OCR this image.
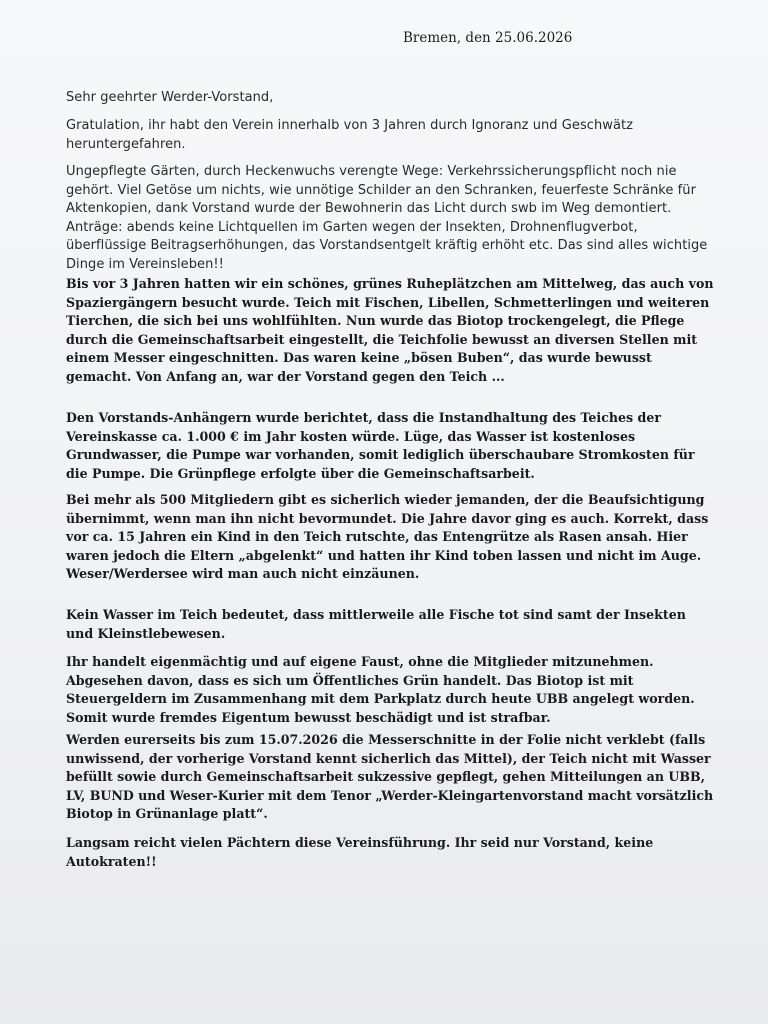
Bremen, den 25.06.2026

Sehr geehrter Werder-Vorstand,

Gratulation, ihr habt den Verein innerhalb von 3 Jahren durch Ignoranz und Geschwätz heruntergefahren.

Ungepflegte Gärten, durch Heckenwuchs verengte Wege: Verkehrssicherungspflicht noch nie gehört. Viel Getöse um nichts, wie unnötige Schilder an den Schranken, feuerfeste Schränke für Aktenkopien, dank Vorstand wurde der Bewohnerin das Licht durch swb im Weg demontiert. Anträge: abends keine Lichtquellen im Garten wegen der Insekten, Drohnenflugverbot, überflüssige Beitragserhöhungen, das Vorstandsentgelt kräftig erhöht etc. Das sind alles wichtige Dinge im Vereinsleben!!

Bis vor 3 Jahren hatten wir ein schönes, grünes Ruheplätzchen am Mittelweg, das auch von Spaziergängern besucht wurde. Teich mit Fischen, Libellen, Schmetterlingen und weiteren Tierchen, die sich bei uns wohlfühlten. Nun wurde das Biotop trockengelegt, die Pflege durch die Gemeinschaftsarbeit eingestellt, die Teichfolie bewusst an diversen Stellen mit einem Messer eingeschnitten. Das waren keine „bösen Buben“, das wurde bewusst gemacht. Von Anfang an, war der Vorstand gegen den Teich ...

Den Vorstands-Anhängern wurde berichtet, dass die Instandhaltung des Teiches der Vereinskasse ca. 1.000 € im Jahr kosten würde. Lüge, das Wasser ist kostenloses Grundwasser, die Pumpe war vorhanden, somit lediglich überschaubare Stromkosten für die Pumpe. Die Grünpflege erfolgte über die Gemeinschaftsarbeit.

Bei mehr als 500 Mitgliedern gibt es sicherlich wieder jemanden, der die Beaufsichtigung übernimmt, wenn man ihn nicht bevormundet. Die Jahre davor ging es auch. Korrekt, dass vor ca. 15 Jahren ein Kind in den Teich rutschte, das Entengrütze als Rasen ansah. Hier waren jedoch die Eltern „abgelenkt“ und hatten ihr Kind toben lassen und nicht im Auge. Weser/Werdersee wird man auch nicht einzäunen.

Kein Wasser im Teich bedeutet, dass mittlerweile alle Fische tot sind samt der Insekten und Kleinstlebewesen.

Ihr handelt eigenmächtig und auf eigene Faust, ohne die Mitglieder mitzunehmen. Abgesehen davon, dass es sich um Öffentliches Grün handelt. Das Biotop ist mit Steuergeldern im Zusammenhang mit dem Parkplatz durch heute UBB angelegt worden. Somit wurde fremdes Eigentum bewusst beschädigt und ist strafbar.

Werden eurerseits bis zum 15.07.2026 die Messerschnitte in der Folie nicht verklebt (falls unwissend, der vorherige Vorstand kennt sicherlich das Mittel), der Teich nicht mit Wasser befüllt sowie durch Gemeinschaftsarbeit sukzessive gepflegt, gehen Mitteilungen an UBB, LV, BUND und Weser-Kurier mit dem Tenor „Werder-Kleingartenvorstand macht vorsätzlich Biotop in Grünanlage platt“.

Langsam reicht vielen Pächtern diese Vereinsführung. Ihr seid nur Vorstand, keine Autokraten!!
